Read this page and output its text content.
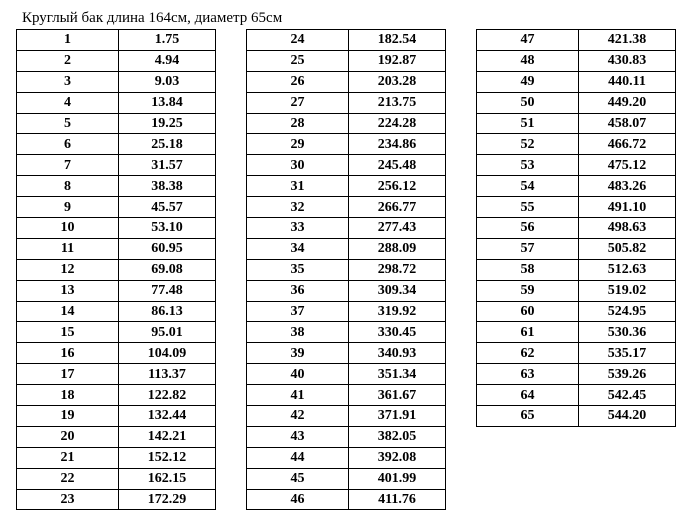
Круглый бак длина 164см, диаметр 65см
1	1.75
2	4.94
3	9.03
4	13.84
5	19.25
6	25.18
7	31.57
8	38.38
9	45.57
10	53.10
11	60.95
12	69.08
13	77.48
14	86.13
15	95.01
16	104.09
17	113.37
18	122.82
19	132.44
20	142.21
21	152.12
22	162.15
23	172.29
24	182.54
25	192.87
26	203.28
27	213.75
28	224.28
29	234.86
30	245.48
31	256.12
32	266.77
33	277.43
34	288.09
35	298.72
36	309.34
37	319.92
38	330.45
39	340.93
40	351.34
41	361.67
42	371.91
43	382.05
44	392.08
45	401.99
46	411.76
47	421.38
48	430.83
49	440.11
50	449.20
51	458.07
52	466.72
53	475.12
54	483.26
55	491.10
56	498.63
57	505.82
58	512.63
59	519.02
60	524.95
61	530.36
62	535.17
63	539.26
64	542.45
65	544.20
